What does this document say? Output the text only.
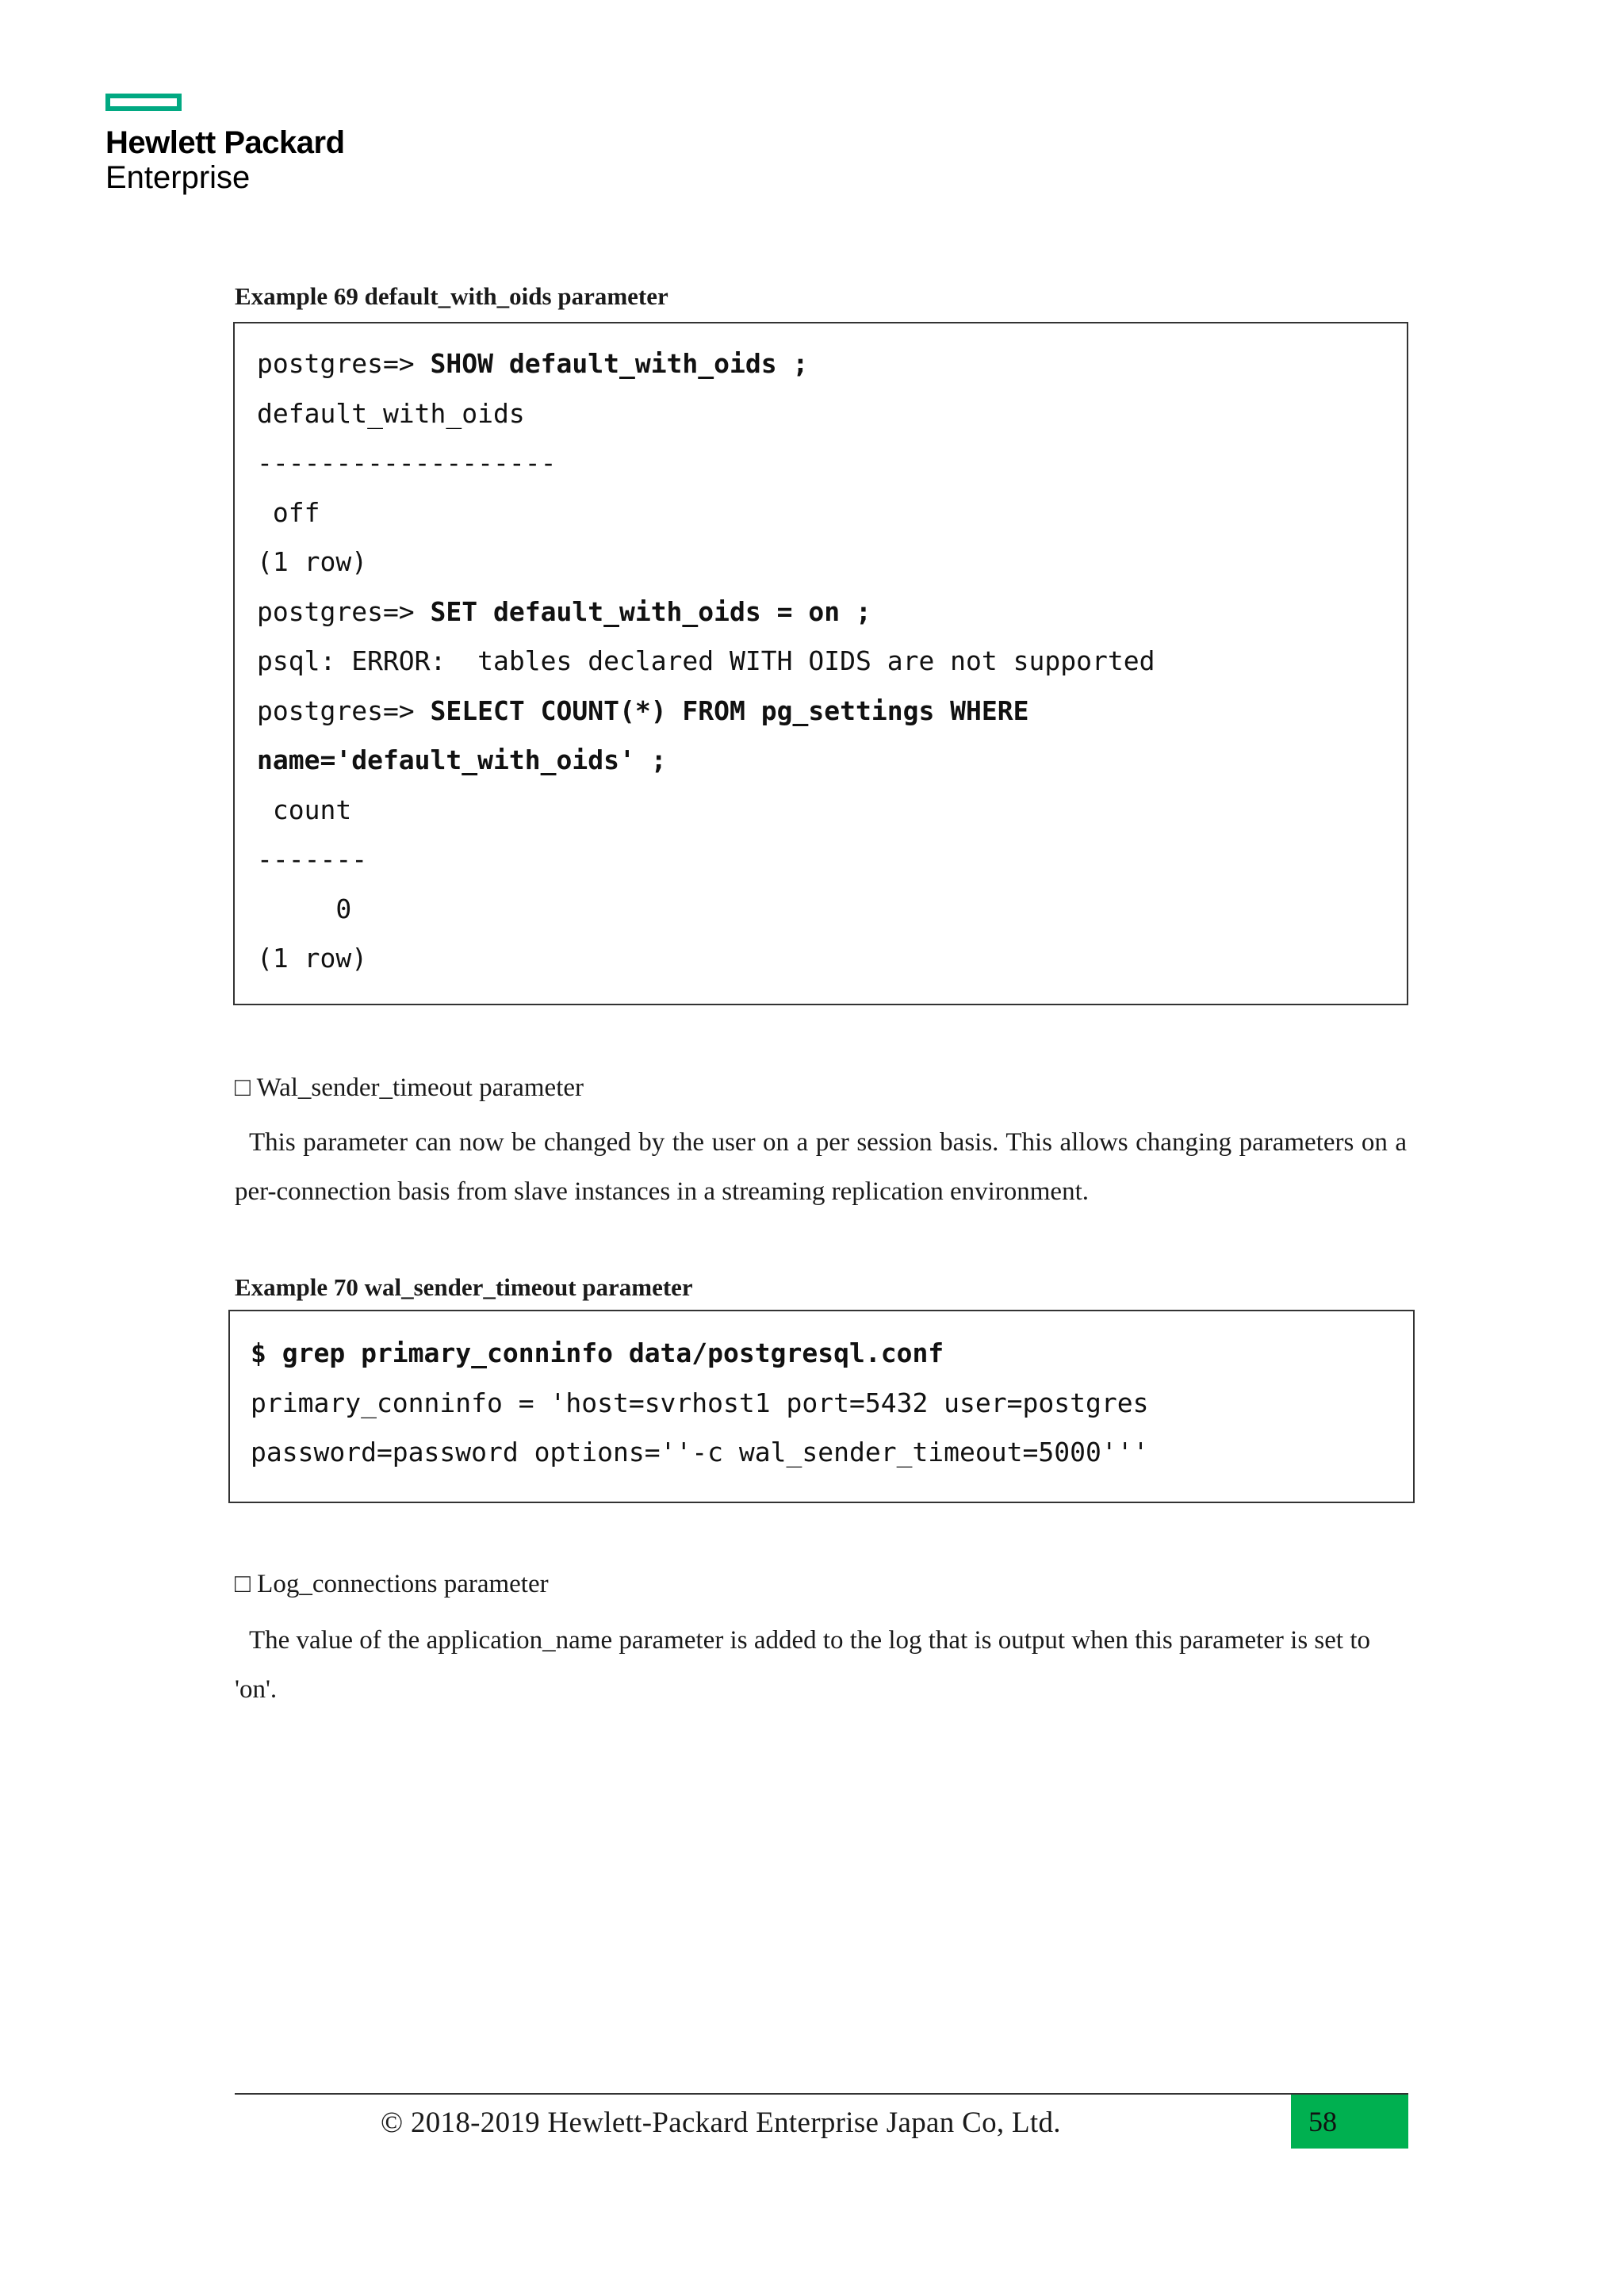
Hewlett Packard
Enterprise
Example 69 default_with_oids parameter
postgres=> SHOW default_with_oids ;
default_with_oids
-------------------
off
(1 row)
postgres=> SET default_with_oids = on ;
psql: ERROR:  tables declared WITH OIDS are not supported
postgres=> SELECT COUNT(*) FROM pg_settings WHERE
name='default_with_oids' ;
count
-------
0
(1 row)
□ Wal_sender_timeout parameter
This parameter can now be changed by the user on a per session basis. This allows changing parameters on a per-connection basis from slave instances in a streaming replication environment.
Example 70 wal_sender_timeout parameter
$ grep primary_conninfo data/postgresql.conf
primary_conninfo = 'host=svrhost1 port=5432 user=postgres
password=password options=''-c wal_sender_timeout=5000'''
□ Log_connections parameter
The value of the application_name parameter is added to the log that is output when this parameter is set to 'on'.
© 2018-2019 Hewlett-Packard Enterprise Japan Co, Ltd.	58
